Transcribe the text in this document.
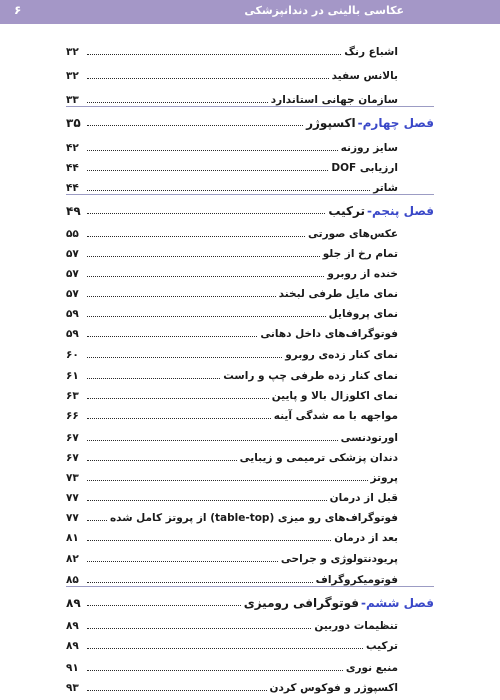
۶	عکاسی بالینی در دندانپزشکی
۳۲	اشباع رنگ
۳۲	بالانس سفید
۳۳	سازمان جهانی استاندارد
۳۵	اکسپوژر فصل چهارم-
۴۲	سایز روزنه
۴۴	ارزیابی DOF
۴۴	شاتر
۴۹	ترکیب فصل پنجم-
۵۵	عکس‌های صورتی
۵۷	تمام رخ از جلو
۵۷	خنده از روبرو
۵۷	نمای مایل طرفی لبخند
۵۹	نمای پروفایل
۵۹	فوتوگراف‌های داخل دهانی
۶۰	نمای کنار زده‌ی روبرو
۶۱	نمای کنار زده طرفی چپ و راست
۶۳	نمای اکلوزال بالا و پایین
۶۶	مواجهه با مه شدگی آینه
۶۷	اورتودنسی
۶۷	دندان پزشکی ترمیمی و زیبایی
۷۳	پروتز
۷۷	قبل از درمان
۷۷	فوتوگراف‌های رو میزی (table-top) از پروتز کامل شده
۸۱	بعد از درمان
۸۲	پریودنتولوژی و جراحی
۸۵	فوتومیکروگراف
۸۹	فوتوگرافی رومیزی فصل ششم-
۸۹	تنظیمات دوربین
۸۹	ترکیب
۹۱	منبع نوری
۹۳	اکسپوژر و فوکوس کردن
